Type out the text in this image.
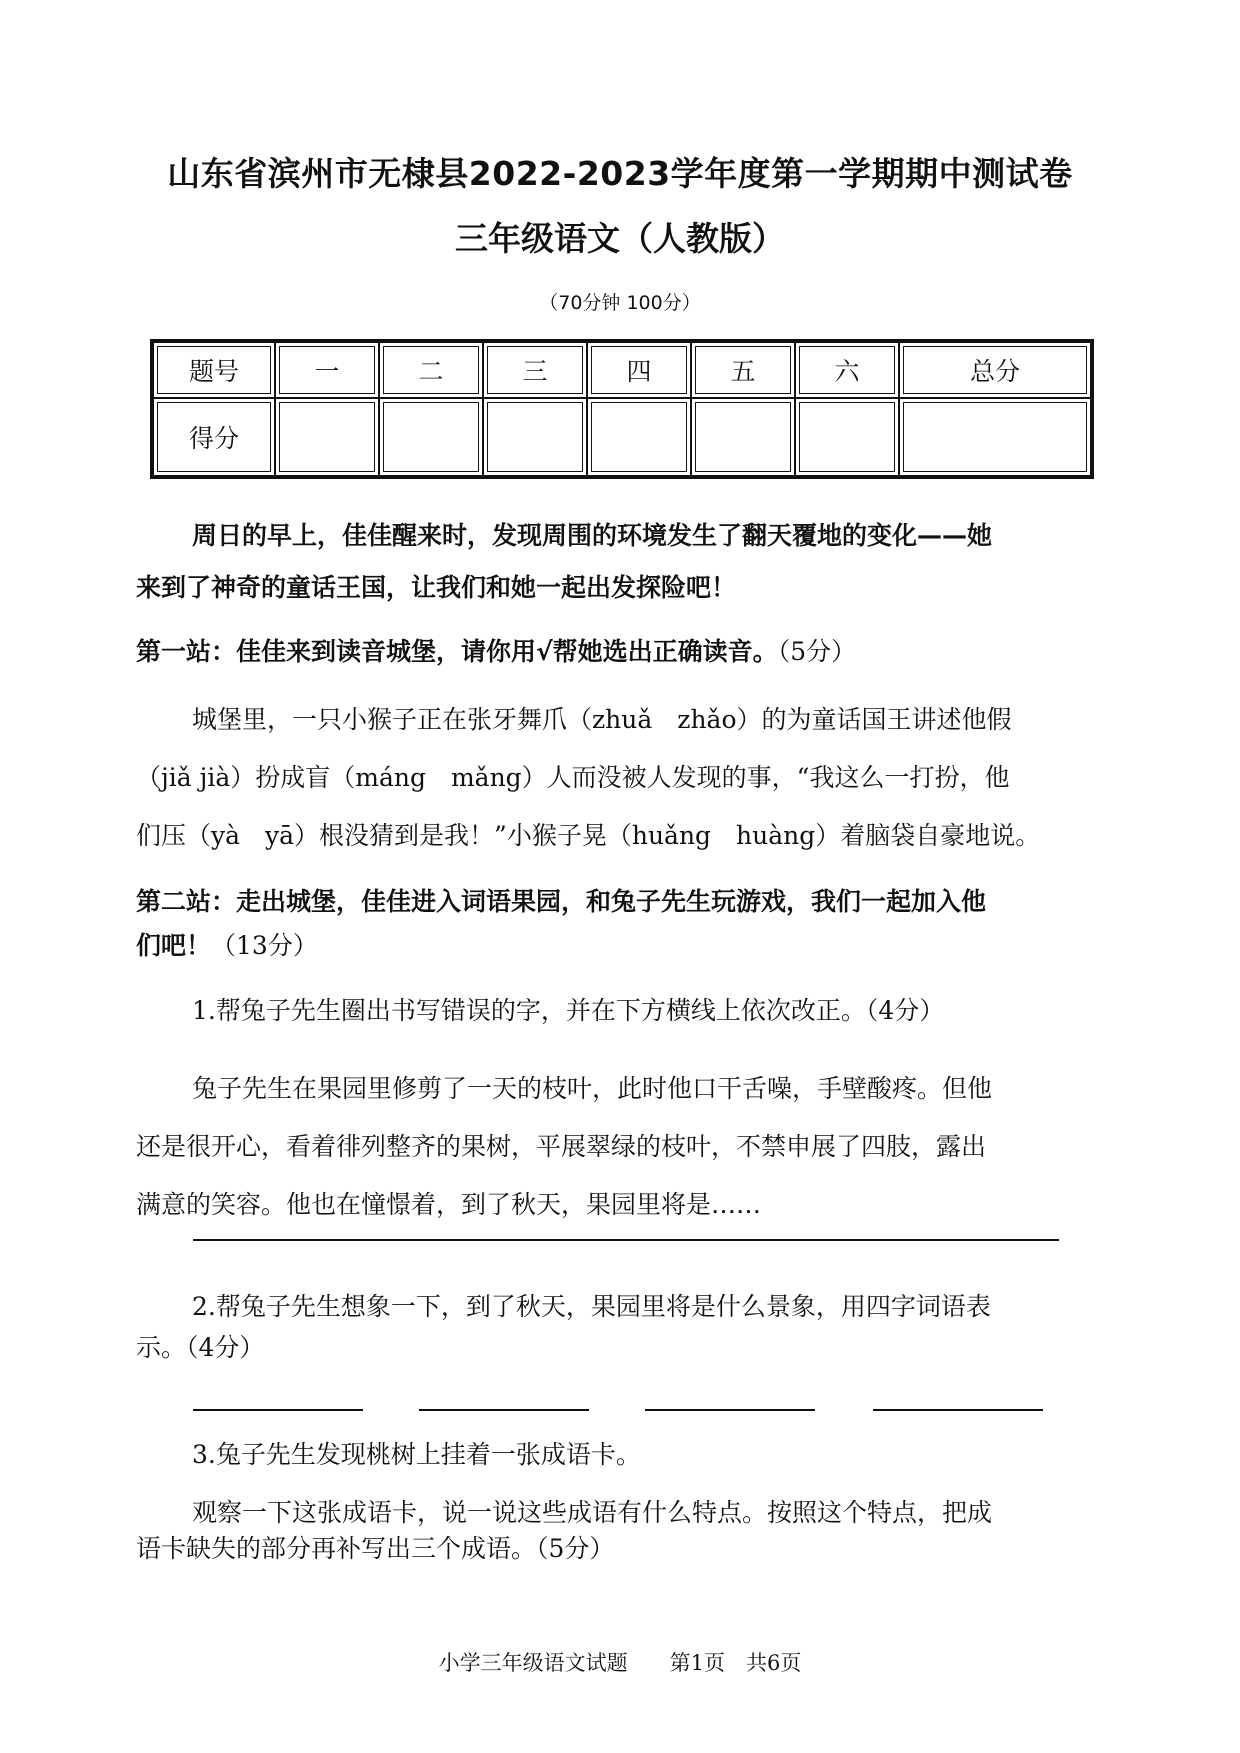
山东省滨州市无棣县2022-2023学年度第一学期期中测试卷
三年级语文（人教版）
（70分钟 100分）
题号	一	二	三	四	五	六	总分
得分							
周日的早上，佳佳醒来时，发现周围的环境发生了翻天覆地的变化——她
来到了神奇的童话王国，让我们和她一起出发探险吧！
第一站：佳佳来到读音城堡，请你用√帮她选出正确读音。（5分）
城堡里，一只小猴子正在张牙舞爪（zhuǎ　zhǎo）的为童话国王讲述他假
（jiǎ jià）扮成盲（máng　mǎng）人而没被人发现的事，“我这么一打扮，他
们压（yà　yā）根没猜到是我！”小猴子晃（huǎng　huàng）着脑袋自豪地说。
第二站：走出城堡，佳佳进入词语果园，和兔子先生玩游戏，我们一起加入他
们吧！（13分）
1.帮兔子先生圈出书写错误的字，并在下方横线上依次改正。（4分）
兔子先生在果园里修剪了一天的枝叶，此时他口干舌噪，手壁酸疼。但他
还是很开心，看着徘列整齐的果树，平展翠绿的枝叶，不禁申展了四肢，露出
满意的笑容。他也在憧憬着，到了秋天，果园里将是……
2.帮兔子先生想象一下，到了秋天，果园里将是什么景象，用四字词语表
示。（4分）
3.兔子先生发现桃树上挂着一张成语卡。
观察一下这张成语卡，说一说这些成语有什么特点。按照这个特点，把成
语卡缺失的部分再补写出三个成语。（5分）
小学三年级语文试题　　第1页　共6页
